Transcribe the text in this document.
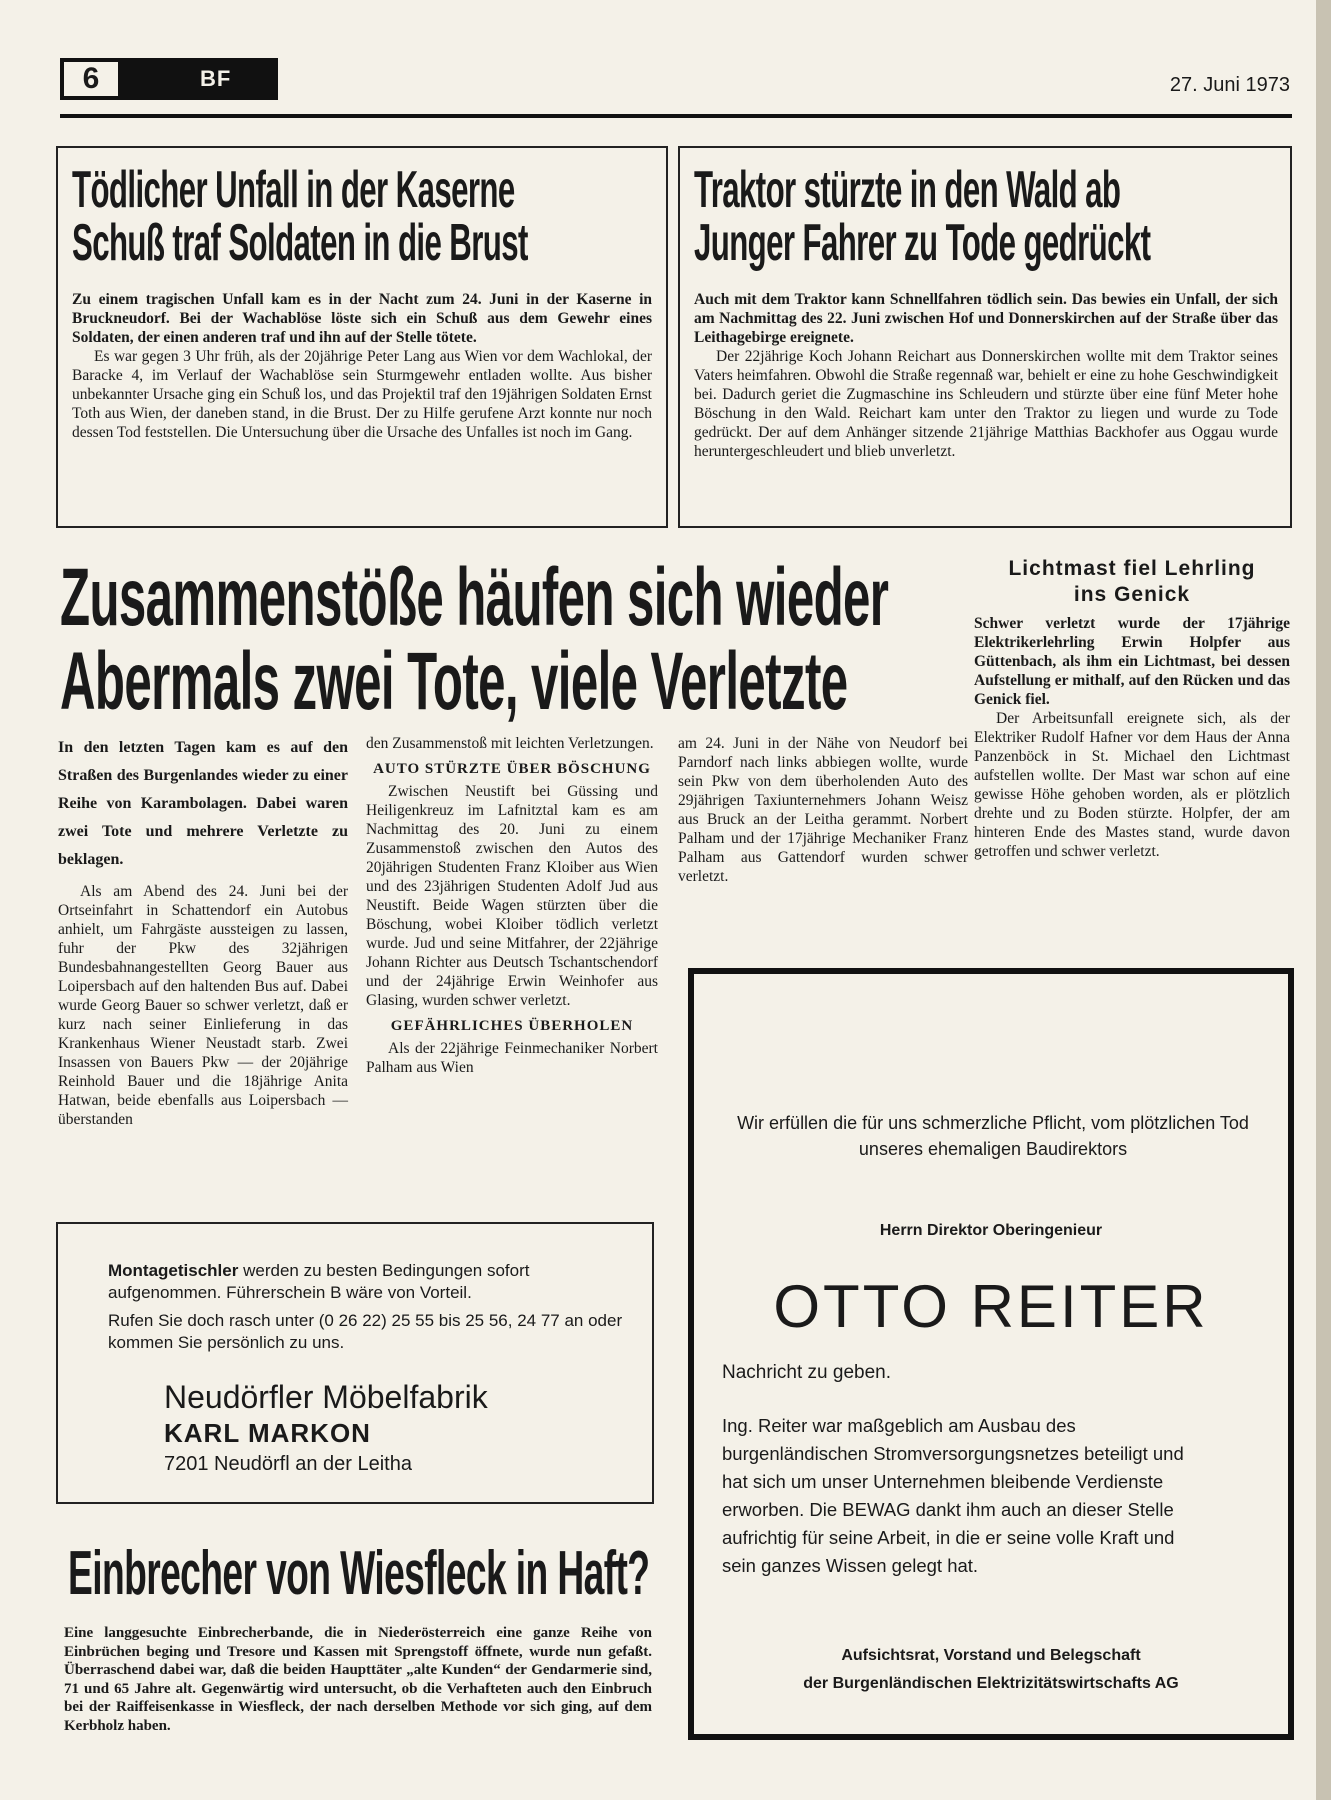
6	BF	27. Juni 1973
Tödlicher Unfall in der Kaserne
Schuß traf Soldaten in die Brust

Zu einem tragischen Unfall kam es in der Nacht zum 24. Juni in der Kaserne in Bruckneudorf. Bei der Wachablöse löste sich ein Schuß aus dem Gewehr eines Soldaten, der einen anderen traf und ihn auf der Stelle tötete.

Es war gegen 3 Uhr früh, als der 20jährige Peter Lang aus Wien vor dem Wachlokal, der Baracke 4, im Verlauf der Wachablöse sein Sturmgewehr entladen wollte. Aus bisher unbekannter Ursache ging ein Schuß los, und das Projektil traf den 19jährigen Soldaten Ernst Toth aus Wien, der daneben stand, in die Brust. Der zu Hilfe gerufene Arzt konnte nur noch dessen Tod feststellen. Die Untersuchung über die Ursache des Unfalles ist noch im Gang.

Traktor stürzte in den Wald ab
Junger Fahrer zu Tode gedrückt

Auch mit dem Traktor kann Schnellfahren tödlich sein. Das bewies ein Unfall, der sich am Nachmittag des 22. Juni zwischen Hof und Donnerskirchen auf der Straße über das Leithagebirge ereignete.

Der 22jährige Koch Johann Reichart aus Donnerskirchen wollte mit dem Traktor seines Vaters heimfahren. Obwohl die Straße regennaß war, behielt er eine zu hohe Geschwindigkeit bei. Dadurch geriet die Zugmaschine ins Schleudern und stürzte über eine fünf Meter hohe Böschung in den Wald. Reichart kam unter den Traktor zu liegen und wurde zu Tode gedrückt. Der auf dem Anhänger sitzende 21jährige Matthias Backhofer aus Oggau wurde heruntergeschleudert und blieb unverletzt.

Zusammenstöße häufen sich wieder
Abermals zwei Tote, viele Verletzte

In den letzten Tagen kam es auf den Straßen des Burgenlandes wieder zu einer Reihe von Karambolagen. Dabei waren zwei Tote und mehrere Verletzte zu beklagen.

Als am Abend des 24. Juni bei der Ortseinfahrt in Schattendorf ein Autobus anhielt, um Fahrgäste aussteigen zu lassen, fuhr der Pkw des 32jährigen Bundesbahnangestellten Georg Bauer aus Loipersbach auf den haltenden Bus auf. Dabei wurde Georg Bauer so schwer verletzt, daß er kurz nach seiner Einlieferung in das Krankenhaus Wiener Neustadt starb. Zwei Insassen von Bauers Pkw — der 20jährige Reinhold Bauer und die 18jährige Anita Hatwan, beide ebenfalls aus Loipersbach — überstanden

den Zusammenstoß mit leichten Verletzungen.

AUTO STÜRZTE ÜBER BÖSCHUNG

Zwischen Neustift bei Güssing und Heiligenkreuz im Lafnitztal kam es am Nachmittag des 20. Juni zu einem Zusammenstoß zwischen den Autos des 20jährigen Studenten Franz Kloiber aus Wien und des 23jährigen Studenten Adolf Jud aus Neustift. Beide Wagen stürzten über die Böschung, wobei Kloiber tödlich verletzt wurde. Jud und seine Mitfahrer, der 22jährige Johann Richter aus Deutsch Tschantschendorf und der 24jährige Erwin Weinhofer aus Glasing, wurden schwer verletzt.

GEFÄHRLICHES ÜBERHOLEN

Als der 22jährige Feinmechaniker Norbert Palham aus Wien

am 24. Juni in der Nähe von Neudorf bei Parndorf nach links abbiegen wollte, wurde sein Pkw von dem überholenden Auto des 29jährigen Taxiunternehmers Johann Weisz aus Bruck an der Leitha gerammt. Norbert Palham und der 17jährige Mechaniker Franz Palham aus Gattendorf wurden schwer verletzt.

Lichtmast fiel Lehrling
ins Genick

Schwer verletzt wurde der 17jährige Elektrikerlehrling Erwin Holpfer aus Güttenbach, als ihm ein Lichtmast, bei dessen Aufstellung er mithalf, auf den Rücken und das Genick fiel.

Der Arbeitsunfall ereignete sich, als der Elektriker Rudolf Hafner vor dem Haus der Anna Panzenböck in St. Michael den Lichtmast aufstellen wollte. Der Mast war schon auf eine gewisse Höhe gehoben worden, als er plötzlich drehte und zu Boden stürzte. Holpfer, der am hinteren Ende des Mastes stand, wurde davon getroffen und schwer verletzt.

Montagetischler werden zu besten Bedingungen sofort aufgenommen. Führerschein B wäre von Vorteil.

Rufen Sie doch rasch unter (0 26 22) 25 55 bis 25 56, 24 77 an oder kommen Sie persönlich zu uns.

Neudörfler Möbelfabrik
KARL MARKON
7201 Neudörfl an der Leitha
Einbrecher von Wiesfleck in Haft?

Eine langgesuchte Einbrecherbande, die in Niederösterreich eine ganze Reihe von Einbrüchen beging und Tresore und Kassen mit Sprengstoff öffnete, wurde nun gefaßt. Überraschend dabei war, daß die beiden Haupttäter „alte Kunden“ der Gendarmerie sind, 71 und 65 Jahre alt. Gegenwärtig wird untersucht, ob die Verhafteten auch den Einbruch bei der Raiffeisenkasse in Wiesfleck, der nach derselben Methode vor sich ging, auf dem Kerbholz haben.

Wir erfüllen die für uns schmerzliche Pflicht, vom plötzlichen Tod unseres ehemaligen Baudirektors
Herrn Direktor Oberingenieur
OTTO REITER
Nachricht zu geben.
Ing. Reiter war maßgeblich am Ausbau des burgenländischen Stromversorgungsnetzes beteiligt und hat sich um unser Unternehmen bleibende Verdienste erworben. Die BEWAG dankt ihm auch an dieser Stelle aufrichtig für seine Arbeit, in die er seine volle Kraft und sein ganzes Wissen gelegt hat.
Aufsichtsrat, Vorstand und Belegschaft
der Burgenländischen Elektrizitätswirtschafts AG
